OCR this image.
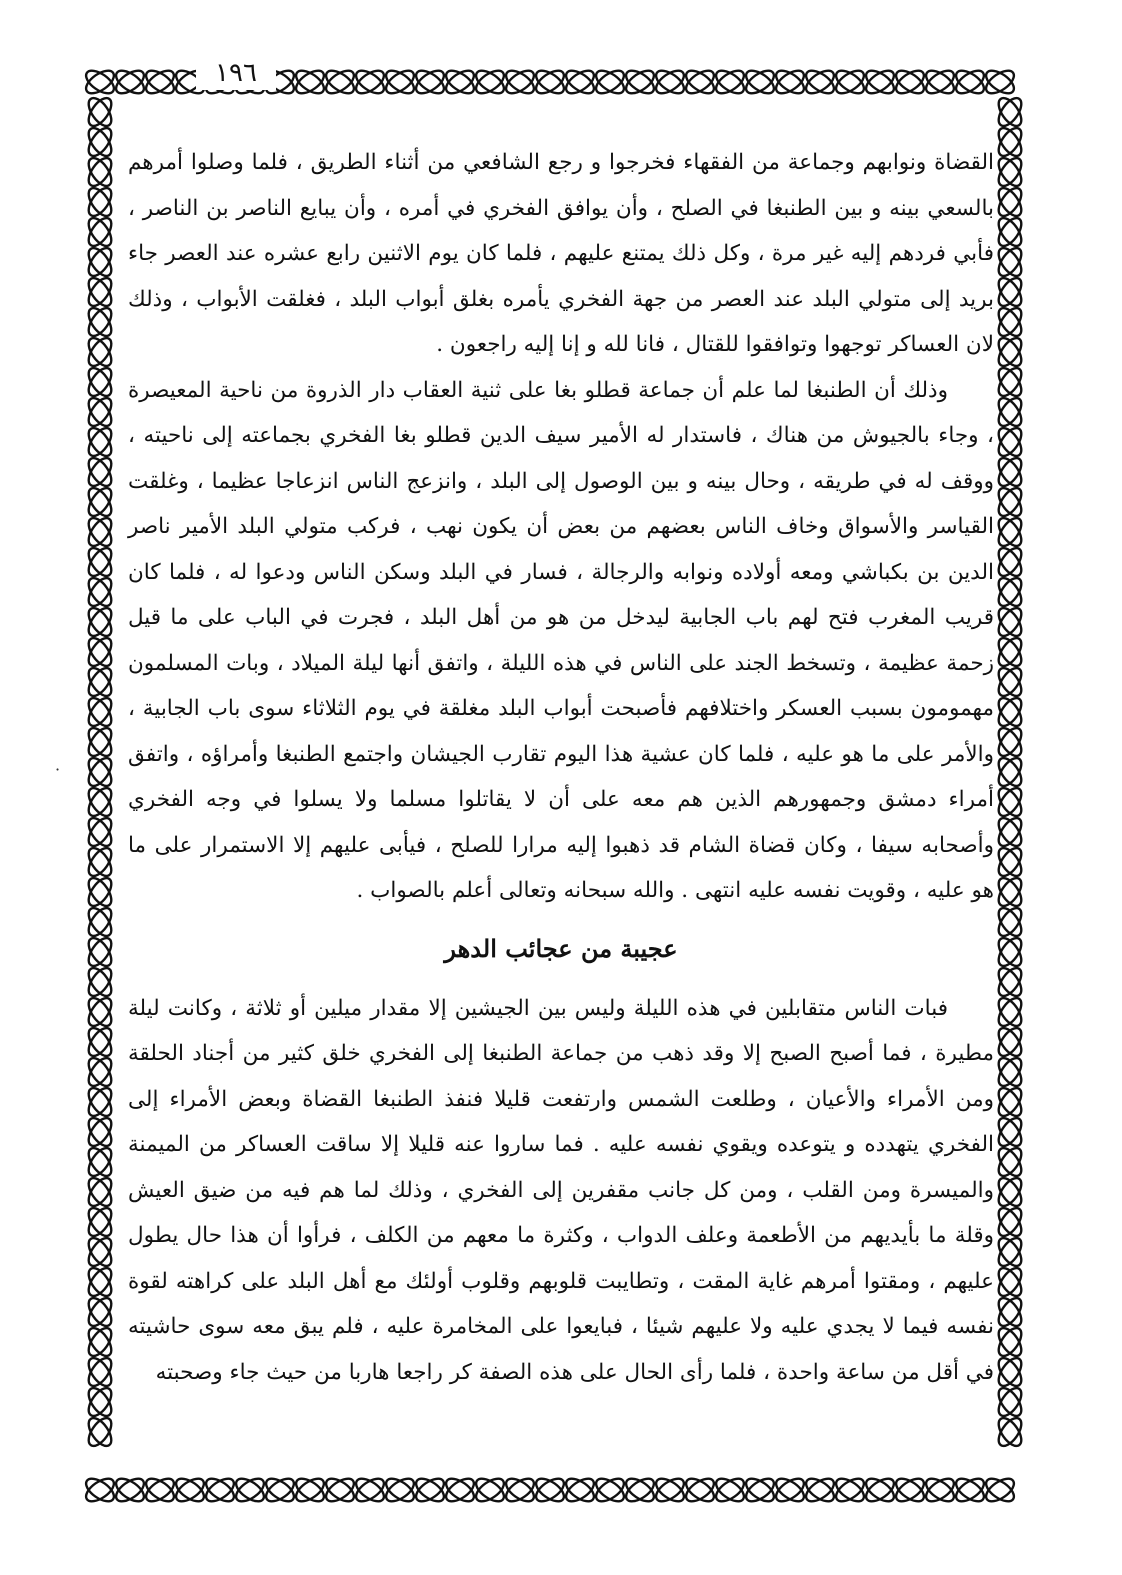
١٩٦

القضاة ونوابهم وجماعة من الفقهاء فخرجوا و رجع الشافعي من أثناء الطريق ، فلما وصلوا أمرهم بالسعي بينه و بين الطنبغا في الصلح ، وأن يوافق الفخري في أمره ، وأن يبايع الناصر بن الناصر ، فأبي فردهم إليه غير مرة ، وكل ذلك يمتنع عليهم ، فلما كان يوم الاثنين رابع عشره عند العصر جاء بريد إلى متولي البلد عند العصر من جهة الفخري يأمره بغلق أبواب البلد ، فغلقت الأبواب ، وذلك لان العساكر توجهوا وتوافقوا للقتال ، فانا لله و إنا إليه راجعون .

وذلك أن الطنبغا لما علم أن جماعة قطلو بغا على ثنية العقاب دار الذروة من ناحية المعيصرة ، وجاء بالجيوش من هناك ، فاستدار له الأمير سيف الدين قطلو بغا الفخري بجماعته إلى ناحيته ، ووقف له في طريقه ، وحال بينه و بين الوصول إلى البلد ، وانزعج الناس انزعاجا عظيما ، وغلقت القياسر والأسواق وخاف الناس بعضهم من بعض أن يكون نهب ، فركب متولي البلد الأمير ناصر الدين بن بكباشي ومعه أولاده ونوابه والرجالة ، فسار في البلد وسكن الناس ودعوا له ، فلما كان قريب المغرب فتح لهم باب الجابية ليدخل من هو من أهل البلد ، فجرت في الباب على ما قيل زحمة عظيمة ، وتسخط الجند على الناس في هذه الليلة ، واتفق أنها ليلة الميلاد ، وبات المسلمون مهمومون بسبب العسكر واختلافهم فأصبحت أبواب البلد مغلقة في يوم الثلاثاء سوى باب الجابية ، والأمر على ما هو عليه ، فلما كان عشية هذا اليوم تقارب الجيشان واجتمع الطنبغا وأمراؤه ، واتفق أمراء دمشق وجمهورهم الذين هم معه على أن لا يقاتلوا مسلما ولا يسلوا في وجه الفخري وأصحابه سيفا ، وكان قضاة الشام قد ذهبوا إليه مرارا للصلح ، فيأبى عليهم إلا الاستمرار على ما هو عليه ، وقويت نفسه عليه انتهى . والله سبحانه وتعالى أعلم بالصواب .

عجيبة من عجائب الدهر

فبات الناس متقابلين في هذه الليلة وليس بين الجيشين إلا مقدار ميلين أو ثلاثة ، وكانت ليلة مطيرة ، فما أصبح الصبح إلا وقد ذهب من جماعة الطنبغا إلى الفخري خلق كثير من أجناد الحلقة ومن الأمراء والأعيان ، وطلعت الشمس وارتفعت قليلا فنفذ الطنبغا القضاة وبعض الأمراء إلى الفخري يتهدده و يتوعده ويقوي نفسه عليه . فما ساروا عنه قليلا إلا ساقت العساكر من الميمنة والميسرة ومن القلب ، ومن كل جانب مقفرين إلى الفخري ، وذلك لما هم فيه من ضيق العيش وقلة ما بأيديهم من الأطعمة وعلف الدواب ، وكثرة ما معهم من الكلف ، فرأوا أن هذا حال يطول عليهم ، ومقتوا أمرهم غاية المقت ، وتطايبت قلوبهم وقلوب أولئك مع أهل البلد على كراهته لقوة نفسه فيما لا يجدي عليه ولا عليهم شيئا ، فبايعوا على المخامرة عليه ، فلم يبق معه سوى حاشيته في أقل من ساعة واحدة ، فلما رأى الحال على هذه الصفة كر راجعا هاربا من حيث جاء وصحبته

·
